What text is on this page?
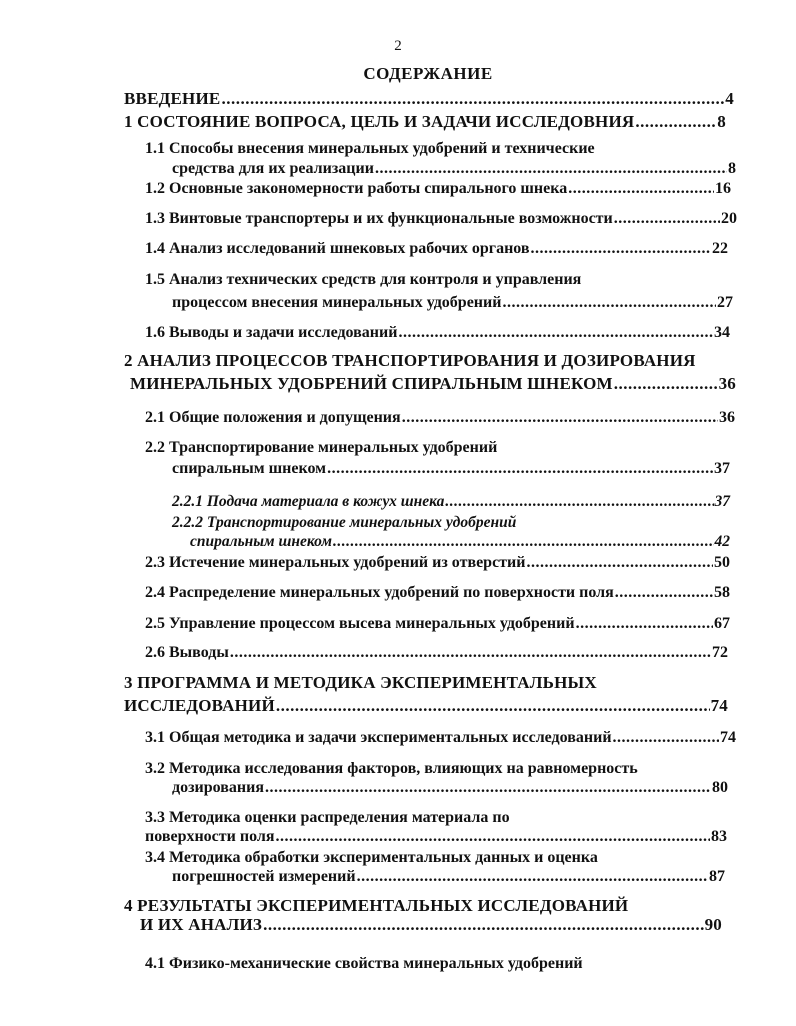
2
СОДЕРЖАНИЕ
ВВЕДЕНИЕ .....	4
1 СОСТОЯНИЕ ВОПРОСА, ЦЕЛЬ И ЗАДАЧИ ИССЛЕДОВНИЯ .....	8
1.1 Способы внесения минеральных удобрений и технические
средства для их реализации .....	8
1.2 Основные закономерности работы спирального шнека .....	16
1.3 Винтовые транспортеры и их функциональные возможности .....	20
1.4 Анализ исследований шнековых рабочих органов .....	22
1.5 Анализ технических средств для контроля и управления
процессом внесения минеральных удобрений .....	27
1.6 Выводы и задачи исследований .....	34
2 АНАЛИЗ ПРОЦЕССОВ ТРАНСПОРТИРОВАНИЯ И ДОЗИРОВАНИЯ
МИНЕРАЛЬНЫХ УДОБРЕНИЙ СПИРАЛЬНЫМ ШНЕКОМ .....	36
2.1 Общие положения и допущения .....	36
2.2 Транспортирование минеральных удобрений
спиральным шнеком .....	37
2.2.1 Подача материала в кожух шнека .....	37
2.2.2 Транспортирование минеральных удобрений
спиральным шнеком .....	42
2.3 Истечение минеральных удобрений из отверстий .....	50
2.4 Распределение минеральных удобрений по поверхности поля .....	58
2.5 Управление процессом высева минеральных удобрений .....	67
2.6 Выводы .....	72
3 ПРОГРАММА И МЕТОДИКА ЭКСПЕРИМЕНТАЛЬНЫХ
ИССЛЕДОВАНИЙ .....	74
3.1 Общая методика и задачи экспериментальных исследований .....	74
3.2 Методика исследования факторов, влияющих на равномерность
дозирования .....	80
3.3 Методика оценки распределения материала по
поверхности поля .....	83
3.4 Методика обработки экспериментальных данных и оценка
погрешностей измерений .....	87
4 РЕЗУЛЬТАТЫ ЭКСПЕРИМЕНТАЛЬНЫХ ИССЛЕДОВАНИЙ
И ИХ АНАЛИЗ .....	90
4.1 Физико-механические свойства минеральных удобрений
